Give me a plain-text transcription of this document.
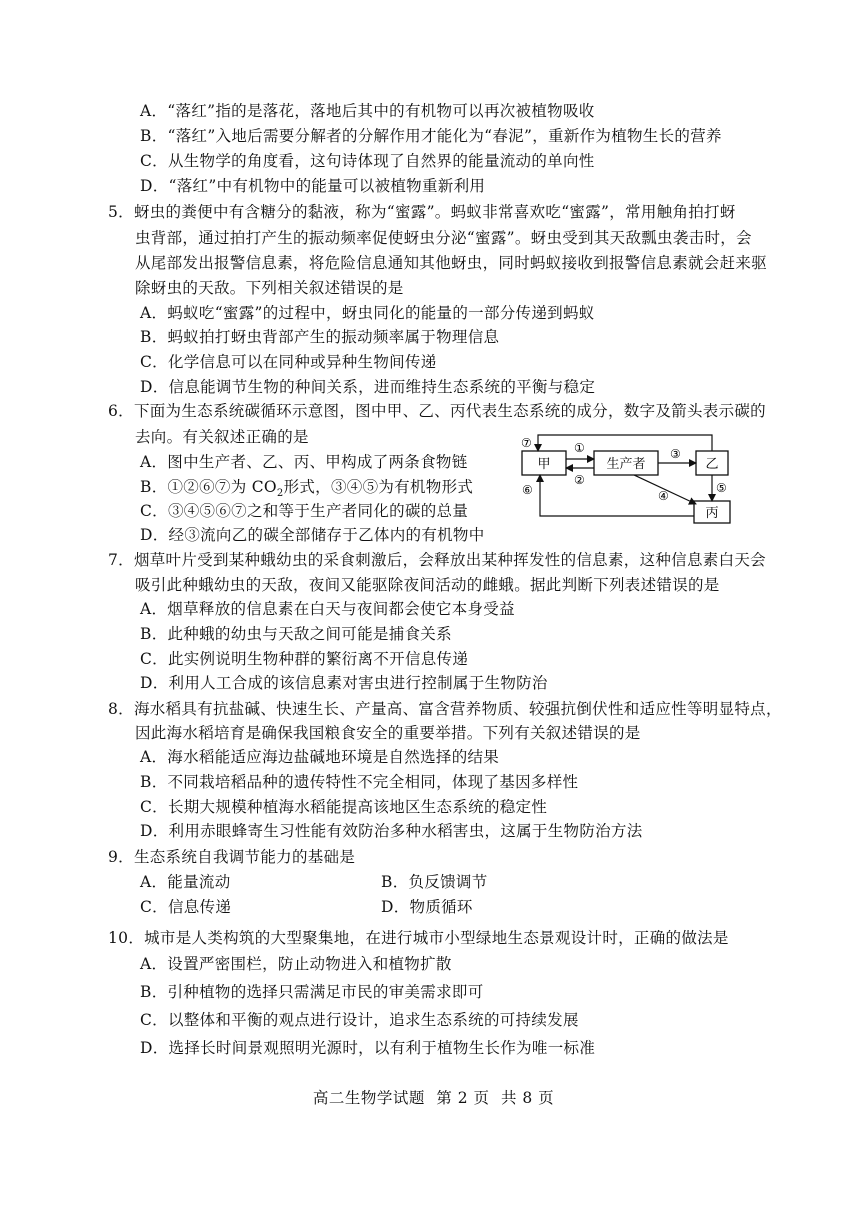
A．“落红”指的是落花，落地后其中的有机物可以再次被植物吸收
B．“落红”入地后需要分解者的分解作用才能化为“春泥”，重新作为植物生长的营养
C．从生物学的角度看，这句诗体现了自然界的能量流动的单向性
D．“落红”中有机物中的能量可以被植物重新利用
5．蚜虫的粪便中有含糖分的黏液，称为“蜜露”。蚂蚁非常喜欢吃“蜜露”，常用触角拍打蚜
虫背部，通过拍打产生的振动频率促使蚜虫分泌“蜜露”。蚜虫受到其天敌瓢虫袭击时，会
从尾部发出报警信息素，将危险信息通知其他蚜虫，同时蚂蚁接收到报警信息素就会赶来驱
除蚜虫的天敌。下列相关叙述错误的是
A．蚂蚁吃“蜜露”的过程中，蚜虫同化的能量的一部分传递到蚂蚁
B．蚂蚁拍打蚜虫背部产生的振动频率属于物理信息
C．化学信息可以在同种或异种生物间传递
D．信息能调节生物的种间关系，进而维持生态系统的平衡与稳定
6．下面为生态系统碳循环示意图，图中甲、乙、丙代表生态系统的成分，数字及箭头表示碳的
去向。有关叙述正确的是
A．图中生产者、乙、丙、甲构成了两条食物链
B．①②⑥⑦为 $CO_2$形式，③④⑤为有机物形式
C．③④⑤⑥⑦之和等于生产者同化的碳的总量
D．经③流向乙的碳全部储存于乙体内的有机物中
甲	生产者	乙
丙
①
②
③
④
⑤
⑥
⑦
7．烟草叶片受到某种蛾幼虫的采食刺激后，会释放出某种挥发性的信息素，这种信息素白天会
吸引此种蛾幼虫的天敌，夜间又能驱除夜间活动的雌蛾。据此判断下列表述错误的是
A．烟草释放的信息素在白天与夜间都会使它本身受益
B．此种蛾的幼虫与天敌之间可能是捕食关系
C．此实例说明生物种群的繁衍离不开信息传递
D．利用人工合成的该信息素对害虫进行控制属于生物防治
8．海水稻具有抗盐碱、快速生长、产量高、富含营养物质、较强抗倒伏性和适应性等明显特点，
因此海水稻培育是确保我国粮食安全的重要举措。下列有关叙述错误的是
A．海水稻能适应海边盐碱地环境是自然选择的结果
B．不同栽培稻品种的遗传特性不完全相同，体现了基因多样性
C．长期大规模种植海水稻能提高该地区生态系统的稳定性
D．利用赤眼蜂寄生习性能有效防治多种水稻害虫，这属于生物防治方法
9．生态系统自我调节能力的基础是
A．能量流动	B．负反馈调节
C．信息传递	D．物质循环
10．城市是人类构筑的大型聚集地，在进行城市小型绿地生态景观设计时，正确的做法是
A．设置严密围栏，防止动物进入和植物扩散
B．引种植物的选择只需满足市民的审美需求即可
C．以整体和平衡的观点进行设计，追求生态系统的可持续发展
D．选择长时间景观照明光源时，以有利于植物生长作为唯一标准
高二生物学试题 第 2 页 共 8 页
